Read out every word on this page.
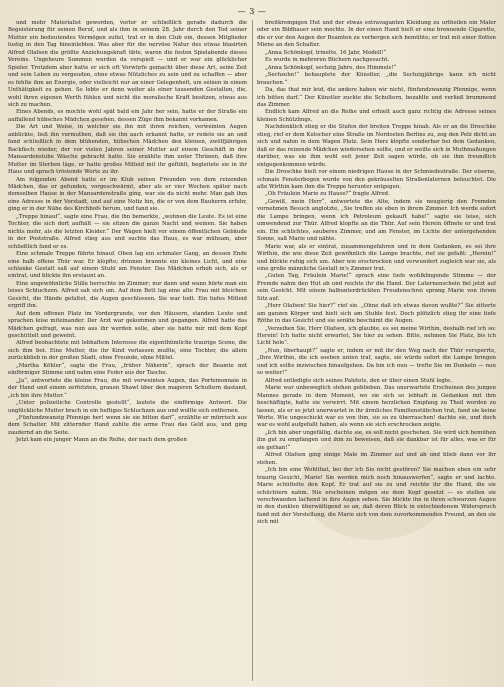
— 3 —

und mehr Materialist geworden, verlor er schließlich gerade dadurch die Begeisterung für seinen Beruf, und als ihm in seinem 28. Jahr durch den Tod seiner Mutter ein bedeutendes Vermögen zufiel, trat er in den Club ein, dessen Mitglieder lustig in den Tag hineinlebten. Was aber für die nervöse Natur des etwas blasirten Alfred Olafsen die größte Anziehungskraft übte, waren die festen Spielabende dieses Vereins. Ungeheure Summen wurden da verspielt — und er war ein glücklicher Spieler. Trotzdem aber hatte er sich oft Vorwürfe gemacht über diese Art, seine Zeit und sein Leben zu vergeuden, ohne etwas Nützliches zu sein und zu schaffen — aber es fehlte ihm an Energie, oder vielleicht nur an einer Gelegenheit, um seinen in einem Unthätigkeit zu gehen. So lebte er denn weiter als einer tausenden Gestalten, die, wohl ihren eigenen Werth fühlen und nicht die moralische Kraft besitzen, etwas aus sich zu machen.

Eines Abends, es mochte wohl spät bald ein Jahr her sein, hatte er der Straße ein auffallend hübsches Mädchen gesehen, dessen Züge ihm bekannt vorkamen.

Die Art und Weise, in welcher sie ihn mit ihren reichen, verweinten Augen anblickte, ließ ihn vermuthen, daß sie ihn auch erkannt hatte, er redete sie an und fand schließlich in dem blühenden, hübschen Mädchen den kleinen, zwölfjährigen Backfisch wieder, der vor vielen Jahren seiner Mutter auf einem Geschäft in der Mansardenstube Wäsche gebracht hatte. Sie erzählte ihm unter Thränen, daß ihre Mutter im Sterben läge, er hatte großes Mitleid mit ihr gefühlt, begleitete sie in ihr Haus und sprach tröstende Worte zu ihr.

Am folgenden Abend hatte er im Klub seinen Freunden von dem reizenden Mädchen, das er gefunden, vorgeschwärmt, aber als er vier Wochen später nach demselben Hause in der Mansardenstraße ging, war sie da nicht mehr. Man gab ihm eine Adresse in der Vorstadt, und auf eine Notiz hin, die er von dem Bauherrn erfuhr, ging er in der Nähe des Kirchhofs herum, und fand sie.

„Treppe hinauf“, sagte eine Frau, die ihn bemerkte, „wohnen die Leute. Es ist eine Tochter, die sich dort aufhält — sie sitzen die ganze Nacht und weinen. Sie haben nichts mehr, als die letzten Kleider.“ Der Wagen hielt vor einem öffentlichen Gebäude in der Poststraße. Alfred stieg aus und suchte das Haus, es war mühsam, aber schließlich fand er es.

Eine schmale Treppe führte hinauf. Oben lag ein schmaler Gang, an dessen Ende eine halb offene Thür war. Er klopfte; drinnen brannte ein kleines Licht, und eine schlanke Gestalt saß auf einem Stuhl am Fenster. Das Mädchen erhob sich, als er eintrat, und blickte ihn erstaunt an.

Eine ungewöhnliche Stille herrschte im Zimmer; nur dann und wann hörte man ein leises Schluchzen. Alfred sah sich um. Auf dem Bett lag eine alte Frau mit bleichem Gesicht, die Hände gefaltet, die Augen geschlossen. Sie war todt. Ein tiefes Mitleid ergriff ihn.

Auf dem offenen Platz im Vordergrunde, vor den Häusern, standen Leute und sprachen leise miteinander. Der Arzt war gekommen und gegangen. Alfred hatte das Mädchen gefragt, was nun aus ihr werden solle, aber sie hatte nur mit dem Kopf geschüttelt und geweint.

Alfred beobachtete mit lebhaftem Interesse die eigenthümliche traurige Scene, die sich ihm bot. Eine Mutter, die ihr Kind verlassen mußte, eine Tochter, die allein zurückblieb in der großen Stadt, ohne Freunde, ohne Mittel.

„Martha Köhler“, sagte die Frau, „früher Näherin“, sprach der Beamte mit einförmiger Stimme und nahm eine Feder aus der Tasche.

„Ja“, antwortete die kleine Frau, die mit verweinten Augen, das Portemonnaie in der Hand und einem zerfetzten, grauen Shawl über den mageren Schultern dastand, „ich bin ihre Mutter.“

„Unter polizeiliche Controlle gestellt“, lautete die einförmige Antwort. Die unglückliche Mutter brach in ein heftiges Schluchzen aus und wollte sich entfernen.

„Fünfundzwanzig Pfennige her! wenn sie sie bitten darf“, erzählte er mürrisch aus dem Schalter. Mit zitternder Hand zahlte die arme Frau das Geld aus, und ging zaudernd an die Seite.

Jetzt kam ein junger Mann an die Reihe, der nach dem großen

breitkrempigen Hut und der etwas extravaganten Kleidung zu urtheilen ein Maler oder ein Bildhauer sein mochte. In der einen Hand hielt er eine brennende Cigarette, die er vor den Augen der Beamten zu verbergen sich bemühte; er trat mit einer flotten Miene an den Schalter.

„Anna Schönkopf, trinette, 16 Jahr, Modell!“

Es wurde in mehreren Büchern nachgesucht.

„Anna Schönkopf, sechzig Jahre, des Himmels!“

„Sechzehn!“ behauptete der Künstler, „die Sechzigjährige kann ich nicht brauchen.“

Da, das that mir leid, die andere haben wir nicht, fünfundzwanzig Pfennige, wenn ich bitten darf.“ Der Künstler zuckte die Schultern, bezahlte und verließ brummend das Zimmer.

Endlich kam Alfred an die Reihe und erhielt auch ganz richtig die Adresse seines kleinen Schützlings.

Nachdenklich stieg er die Stufen der breiten Treppe hinab. Als er an die Droschke stieg, rief er dem Kutscher eine Straße im Nordosten Berlins zu, zog den Pelz dicht an sich und nahm in dem Wagen Platz. Sein Herz klopfte sonderbar bei dem Gedanken, daß er das reizende Mädchen wiedersehen sollte, und er weilte sich in Muthmaßungen darüber, was sie ihm wohl seit jener Zeit sagen würde, ob sie ihm freundlich entgegenkommen würde.

Die Droschke hielt vor einem niedrigen Hause in der Schmiedestraße. Der eiserne, schmale Fensterbogen wurde von den gekräuselten Straßenlaternen beleuchtet. Die alte Wirthin kam ihm die Treppe herunter entgegen.

„Ob Fräulein Marie zu Hause?“ fragte Alfred.

„Gewiß, mein Herr“, antwortete die Alte, indem sie neugierig den Fremden vornehmen Besuch anglotzte, „Sie treffen sie eben in ihrem Zimmer. Ich werde sofort die Lampe bringen, wenn ich Petroleum gekauft habe!“ sagte sie leise, sich umwendend zur Thür. Alfred klopfte an die Thür. Auf sein Herein öffnete er und trat ein. Ein schlichtes, sauberes Zimmer, und am Fenster, im Lichte der untergehenden Sonne, saß Marie und nähte.

Marie war, als er eintrat, zusammengefahren und in dem Gedanken, es sei ihre Wirthin, die wie diese Zeit gewöhnlich die Lampe brachte, rief sie gefaßt: „Herein!“ und blickte ruhig sich um. Aber wie erschrocken und verwundert zugleich war sie, als eine große männliche Gestalt in's Zimmer trat.

„Guten Tag, Fräulein Marie!“ sprach eine tiefe wohlklingende Stimme — der Fremde nahm den Hut ab und reichte ihr die Hand. Der Laternenschein fiel jetzt auf sein Gesicht. Mit einem halbunterdrückten Freudenschrei sprang Marie von ihrem Sitz auf.

„Herr Olafsen! Sie hier?“ rief sie. „Ohne daß ich etwas davon wußte?“ Sie zitterte am ganzen Körper und hielt sich am Stuhle fest. Doch plötzlich stieg ihr eine tiefe Röthe in das Gesicht und sie senkte beschämt die Augen.

„Verzeihen Sie, Herr Olafsen, ich glaubte, es sei meine Wirthin, deshalb rief ich so: Herein! Ich hatte nicht erwartet, Sie hier zu sehen. Bitte, nehmen Sie Platz, bis ich Licht hole“.

„Nun, überhaupt?“ sagte er, indem er mit ihr den Weg nach der Thür versperrte, „Ihre Wirthin, die ich soeben unten traf, sagte, sie würde sofort die Lampe bringen und ich sollte inzwischen hinaufgehen. Da bin ich nun — trefte Sie im Dunkeln — nun so weiter!“

Alfred entledigte sich seines Paletots, den er über einen Stuhl legte.

Marie war unbeweglich stehen geblieben. Das unerwartete Erscheinen des jungen Mannes gerade in dem Moment, wo sie sich so lebhaft in Gedanken mit ihm beschäftigte, hatte sie verwirrt. Mit einem herzlichen Empfang zu Theil worden zu lassen, als er so jetzt unerwartet in ihr ärmliches Familienstübchen trat, fand sie keine Worte. Wie ungeschickt war es von ihm, sie so zu überraschen! dachte sie, und doch war es wohl aufgefaßt haben, als wenn sie sich erschrocken zeigte.

„Ich bin aber ungefällig, dachte sie, es soll nicht geschehen. Sie wird sich bemühen ihn gut zu empfangen und ihm zu beweisen, daß sie dankbar ist für alles, was er für sie gethan!“

Alfred Olafsen ging einige Male im Zimmer auf und ab und blieb dann vor ihr stehen.

„Ich bin eine Wohlthat, bei der ich Sie nicht gestören? Sie machen eben ein sehr traurig Gesicht, Marie! Sie werden mich noch hinauswerfen“, sagte er und lachte. Marie schüttelte den Kopf. Er trat auf sie zu und reichte ihr die Hand, die sie schüchtern nahm. Nie erscheinen mögen sie dem Kopf gesetzt — so stellen sie verschwanden lachend in ihre Augen sehen. Sie blickte ihn in ihren schwarzen Augen in den dunklen überwältigend so an, daß deren Blick in entschiedenem Widerspruch fand mit der Vorstellung, die Marie sich von dem zuvorkommenden Freund, an den sie sich mit
